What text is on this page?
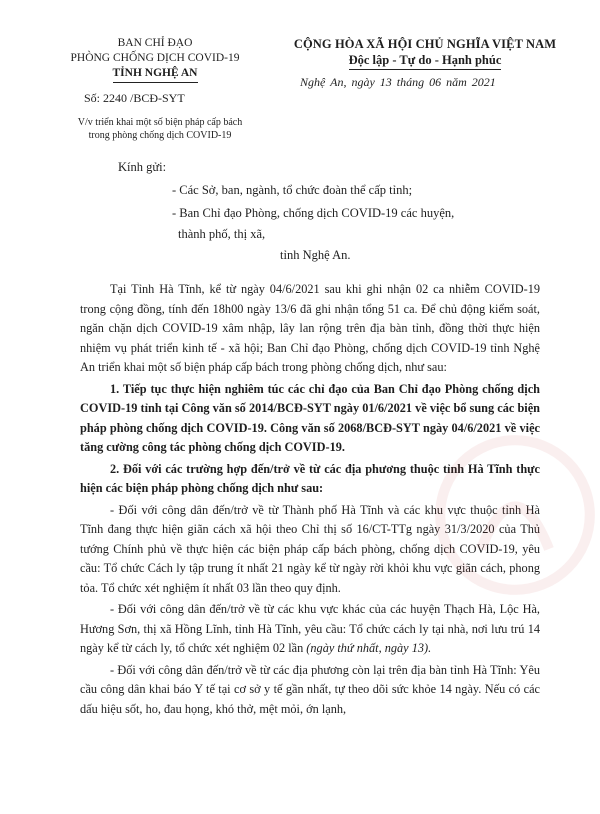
BAN CHỈ ĐẠO
PHÒNG CHỐNG DỊCH COVID-19
TỈNH NGHỆ AN
Số: 2240 /BCĐ-SYT
V/v triển khai một số biện pháp cấp bách
trong phòng chống dịch COVID-19
CỘNG HÒA XÃ HỘI CHỦ NGHĨA VIỆT NAM
Độc lập - Tự do - Hạnh phúc
Nghệ An, ngày 13 tháng 06 năm 2021
Kính gửi:
- Các Sở, ban, ngành, tổ chức đoàn thể cấp tỉnh;
- Ban Chỉ đạo Phòng, chống dịch COVID-19 các huyện,
thành phố, thị xã,
tỉnh Nghệ An.

Tại Tỉnh Hà Tĩnh, kể từ ngày 04/6/2021 sau khi ghi nhận 02 ca nhiễm COVID-19 trong cộng đồng, tính đến 18h00 ngày 13/6 đã ghi nhận tổng 51 ca. Để chủ động kiểm soát, ngăn chặn dịch COVID-19 xâm nhập, lây lan rộng trên địa bàn tỉnh, đồng thời thực hiện nhiệm vụ phát triển kinh tế - xã hội; Ban Chỉ đạo Phòng, chống dịch COVID-19 tỉnh Nghệ An triển khai một số biện pháp cấp bách trong phòng chống dịch, như sau:

1. Tiếp tục thực hiện nghiêm túc các chỉ đạo của Ban Chỉ đạo Phòng chống dịch COVID-19 tỉnh tại Công văn số 2014/BCĐ-SYT ngày 01/6/2021 về việc bổ sung các biện pháp phòng chống dịch COVID-19. Công văn số 2068/BCĐ-SYT ngày 04/6/2021 về việc tăng cường công tác phòng chống dịch COVID-19.

2. Đối với các trường hợp đến/trở về từ các địa phương thuộc tỉnh Hà Tĩnh thực hiện các biện pháp phòng chống dịch như sau:

- Đối với công dân đến/trở về từ Thành phố Hà Tĩnh và các khu vực thuộc tỉnh Hà Tĩnh đang thực hiện giãn cách xã hội theo Chỉ thị số 16/CT-TTg ngày 31/3/2020 của Thủ tướng Chính phủ về thực hiện các biện pháp cấp bách phòng, chống dịch COVID-19, yêu cầu: Tổ chức Cách ly tập trung ít nhất 21 ngày kể từ ngày rời khỏi khu vực giãn cách, phong tỏa. Tổ chức xét nghiệm ít nhất 03 lần theo quy định.

- Đối với công dân đến/trở về từ các khu vực khác của các huyện Thạch Hà, Lộc Hà, Hương Sơn, thị xã Hồng Lĩnh, tỉnh Hà Tĩnh, yêu cầu: Tổ chức cách ly tại nhà, nơi lưu trú 14 ngày kể từ cách ly, tổ chức xét nghiệm 02 lần (ngày thứ nhất, ngày 13).

- Đối với công dân đến/trở về từ các địa phương còn lại trên địa bàn tỉnh Hà Tĩnh: Yêu cầu công dân khai báo Y tế tại cơ sở y tế gần nhất, tự theo dõi sức khỏe 14 ngày. Nếu có các dấu hiệu sốt, ho, đau họng, khó thở, mệt mỏi, ớn lạnh,
